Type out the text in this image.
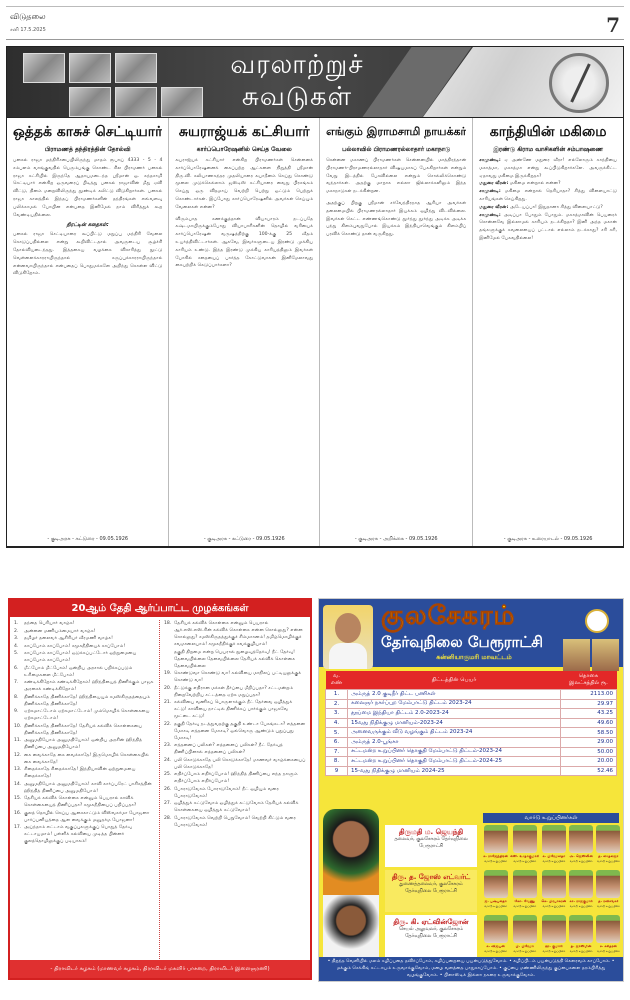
விடுதலை
சனி 17.5.2025	7
வரலாற்றுச்
சுவடுகள்
ஒத்தக் காசுச் செட்டியார்
பிராமணத் தந்திரத்தின் தோல்வி

பனகல் ராஜா மந்திரிசபையிலிருந்து மாதம் ரூபாய் 4333 - 5 - 4 சம்பளம் வாங்குவதில் பெரும்பங்கு கொண்ட சில பிராமணர் பனகல் ராஜா கட்சியில் இருந்தே ஆதாயமடைந்த ஸ்ரீமான் ஓ. கந்தசாமி செட்டியார் என்கிற ஒருவரைப் பிடித்து பனகல் ராஜாவின் மீது ஏவி விட்டு, தினம் மறைவிலிருந்து தூண்டிக் கலிட்டு விடுகிறார்கள். பனகல் ராஜா காலத்தில் இந்தப் பிராமணர்களின் தந்திரங்கள் எவ்வளவு பலிக்காமல் போயின என்பதை இனிமேல் நாம் விரித்துக் கூற வேண்டியதில்லை.

திரட்டின் கதைகள்:

பனகல் ராஜா செட்டியாரை கூப்பிட்டு மறுப்பு மந்திரி வேலை கொடுப்பதில்லை என்று கூறிவிட்டதால் அவருடைய சூழ்ச்சி தோல்வியடைந்தது. இத்தகைய வழக்கை விசாரித்து நூட்டு வெள்ளைக்காரராயிருந்தால் கருப்புக்காரராயிருந்தால் என்னவாயிருந்தால் என்பதைப் பொதுமக்களே அறிந்து கொள்ள விட்டு விடுகிறோம்.

- குடிஅரசு - கட்டுரை - 09.05.1926
சுயராஜ்யக் கட்சியார்
கார்ப்பொரேஷனில் செய்த வேலை

சுயராஜ்யக் கட்சியார் என்கிற பிராமணர்கள் சென்னைக் கார்ப்பொரேஷனைக் கைப்பற்ற ஆட்களை நிறுத்தி ஸ்ரீமான் திரு.வி. கலியாணசுந்தர முதலியாரை சுயாதீனம் செய்து கொண்டு மூலை முடுக்கெல்லாம் ஜஸ்டிஸ் கட்சியாரை வைது பிரசங்கம் செய்து ஒரு விதமாய் வெற்றி பெற்று ஓட்டும் பெற்றுக் கொண்டார்கள். இப்போது கார்ப்பொரேஷனில் அவர்கள் செய்யும் வேலைகள் என்ன?

விரும்பாத கணக்குத்தான் வியாபாரம் நடப்பதே கஷ்டமாயிருக்கும்போது வியாபாரிகளின் தொழில் வரியைக் கார்ப்பொரேஷன் வருஷத்திற்கு 100-க்கு 25 வீதம் உயர்த்திவிட்டார்கள். ஆகவே, இவர்களுடைய இரண்டு முக்கிய காரியம் உண்டு. இந்த இரண்டு முக்கிய காரியத்திலும் இவர்கள் போகில் சதையைப் பார்த்த கோட்டுவாகன் இனிமேலாவது கைபற்றிக் கெடுப்பார்களா?

- குடிஅரசு - கட்டுரை - 09.05.1926
எங்கும் இராமசாமி நாயக்கர்
பல்லாவில் பிராமணரல்லாதார் மகாநாடு

சென்னை மகாணப் பிராமணர்கள் சென்னையில் மாத்திரந்தான் பிராமணர்-பிராமணரல்லாதார் விஷயமாகப் பேசுகிறார்கள் என்றும் வேறு இடத்தில் பேசவில்லை என்றும் சொல்லிக்கொண்டு வந்தார்கள். அதற்கு மாறாக எல்லா ஜில்லாக்களிலும் இந்த மகாநாடுகள் நடக்கின்றன.

அதற்குப் பிறகு ஸ்ரீமான் சர்வேந்திரநாத ஆரியா அவர்கள் தலைமையில் பிராமணரல்லாதார் இயக்கம் ஒழிந்து விடவில்லை. இவர்கள் கெட்ட எண்ணங்கொண்டு தூர்ந்து தூர்ந்து அடிக்க அடிக்க பந்து கிளம்புவதுபோல் இயக்கம் இந்தியாவெங்கும் கிளம்பிப் பரவிக் கொண்டு தான் வருகிறது.

- குடிஅரசு - அறிக்கை - 09.05.1926
காந்தியின் மகிமை
இரண்டு கிராம வாசிகளின் சம்பாஷணை

சாமுண்டி: ஏ அண்ணே மதுரை வீரா! எல்லோரும் காந்தியை மகாத்மா, மகாத்மா என்று கூப்பிடுகிறார்களே. அவருக்கிட்ட ஏதாவது மகிமை இருக்கிறதா?

மதுரை வீரன்: மகிமை என்றால் என்ன?

சாமுண்டி: மகிமை என்றால் தெரியாதா? சித்து விளையாட்டு காரியங்கள் செய்கிறது.

மதுரை வீரன்: அடேயப்பா! இதுதானா சித்து விளையாட்டு?

சாமுண்டி: அடிப்பா போதும் போதும். மகாத்மாவின் பெயரைச் சொன்னவே இல்லாமல் காரியம் நடக்கிறதா? இனி அந்த மகான் தங்களுக்குக் கவலையைப் பட்டால் எல்லாம் நடக்காது? சரி சரி, இனிமேல் பேசுவதில்லை!

- குடிஅரசு - உரையாடல் - 09.05.1926
20ஆம் தேதி ஆர்ப்பாட்ட முழக்கங்கள்
1.	தந்தை பெரியார் வாழ்க!
2.	அன்னை மணியம்மையார் வாழ்க!
3.	தமிழர் தலைவர் ஆசிரியர் வீரமணி வாழ்க!
4.	காப்போம் காப்போம்! சமூகநீதியைக் காப்போம்!
5.	காப்போம் காப்போம்! ஒடுக்கப்பட்டோர் ஒற்றுமையை காப்போம் காப்போம்!
6.	மீட்போம் மீட்போம்! ஒன்றிய அரசால் பறிக்கப்படும் உரிமைகளை மீட்போம்!
7.	கண்டிக்கிறோம் கண்டிக்கிறோம்! ஹிந்தியைத் திணிக்கும் பாஜக அரசைக் கண்டிக்கிறோம்!
8.	திணிக்காதே திணிக்காதே! ஹிந்தியையும் சமஸ்கிருதத்தையும் திணிக்காதே திணிக்காதே!
9.	ஏற்கமாட்டோம் ஏற்கமாட்டோம்! மும்மொழிக் கொள்கையை ஏற்கமாட்டோம்!
10. திணிக்காதே திணிக்காதே! தேசியக் கல்விக் கொள்கையை திணிக்காதே திணிக்காதே!
11. அனுமதியோம் அனுமதியோம்! ஒன்றிய அரசின் ஹிந்தித் திணிப்பை அனுமதியோம்!
12. கை வைக்காதே கை வைக்காதே! இருமொழிக் கொள்கையில் கை வைக்காதே!
13. சிதைக்காதே சிதைக்காதே! இந்தியாவின் ஒற்றுமையை சிதைக்காதே!
14. அனுமதியோம் அனுமதியோம்! காவி கார்ப்பரேட் பாசிசத்தின் ஹிந்தித் திணிப்பை அனுமதியோம்!
15. தேசியக் கல்விக் கொள்கை என்னும் பெயரால் காவிக் கொள்கையைத் திணிப்பதா? சமூகநீதியைப் பறிப்பதா?
16. குலத் தொழில் செய்ய ஆசைகாட்டும் விஸ்வகர்மா யோஜனா பார்ப்பனியத்தை ஆள வைக்கும் மனுதர்ம யோஜனா!
17. அய்ந்தாம் எட்டாம் வகுப்புகளுக்குப் பொதுத் தேர்வு கட்டாயமாம்! பள்ளிக் கல்வியை முடித்த பின்னர் குலத்தொழிலுக்குப் படியாகம்!
18. தேசியக் கல்விக் கொள்கை என்னும் பெயரால் ஆர்.எஸ்.எஸ்.சின் கல்விக் கொள்கை என்ன சொல்லுது? என்ன சொல்லுது? சமஸ்கிருதத்துக்குச் சிம்மாசனம்! தமிழ்மொழிக்குச் சவமாலையாம்! சமூகநீதிக்குச் சவக்குழியாம்!
தகுதி திறமை என்ற பெயரால் நுழைவுத்தேர்வு! நீட் தேர்வு! தேவையில்லை தேவையில்லை தேசியக் கல்விக் கொள்கை தேவையில்லை
19. கொண்டுவா கொண்டு வா! கல்வியை மாநிலப் பட்டியலுக்குக் கொண்டு வா!
20. தீட்டுக்கு எதிரான மக்கள் தீர்ப்பை மீறிப்பதா? சட்டமன்றம் நிறைவேற்றிய சட்டத்தை ஏற்க மறுப்பதா?
21. கல்வியை வணிகப் பொருளாக்கும் நீட் தேர்வை ஒழித்துக் கட்டு! காவியை நாட்டில் திணிக்கப் பார்க்கும் பாஜகவே மூட்டை கட்டு!
22. தகுதி தேர்வு நடத்துவதற்கு தகுதி உண்டா பேசுங்கடா? எத்தனை மோசடி எத்தனை மோசடி? ஒவ்வொரு ஆண்டும் புதுப்புது மோசடி!
23. எத்தனைப் பலிகள்? எத்தனைப் பலிகள்? நீட் தேர்வுத் திணிப்பினால் எத்தனைப் பலிகள்?
24. பலி கொடுக்காதே பலி கொடுக்காதே! மாணவர் வாழ்க்கையைப் பலி கொடுக்காதே!
25. எதிர்ப்போம் எதிர்ப்போம்! ஹிந்தித் திணிப்பை எந்த நாளும் எதிர்ப்போம் எதிர்ப்போம்!
26. போராடுவோம் போராடுவோம்! நீட் ஒழியும் வரை போராடுவோம்!
27. ஒழித்துக் கட்டுவோம் ஒழித்துக் கட்டுவோம் தேசியக் கல்விக் கொள்கையை ஒழித்துக் கட்டுவோம்!
28. போராடுவோம் வெற்றி பெறுவோம்! வெற்றி கிட்டும் வரை போராடுவோம்!
- திராவிடர் கழகம் (மாணவர் கழகம், திராவிடர் மகளிர் பாசறை, திராவிடர் இளைஞரணி)
குலசேகரம்
தேர்வுநிலை பேரூராட்சி
கன்னியாகுமரி மாவட்டம்
வ. எண்	திட்டத்தின் பெயர்	தொகை இலட்சத்தில் ரூ.
1.	அம்ருத் 2.0 குடிநீர் திட்ட பணிகள்	2113.00
2.	கலைஞர் நகர்ப்புற மேம்பாட்டு திட்டம் 2023-24	29.97
3.	தூய்மை இந்தியா திட்டம் 2.0-2023-24	43.25
4.	15வது நிதிக்குழு மானியம்-2023-24	49.60
5.	அனைவருக்கும் வீடு வழங்கும் திட்டம் 2023-24	58.50
6.	அம்ருத் 2.0-பூங்கா	29.00
7.	சட்டமன்ற உறுப்பினர் தொகுதி மேம்பாட்டு திட்டம்-2023-24	50.00
8.	சட்டமன்ற உறுப்பினர் தொகுதி மேம்பாட்டு திட்டம்-2024-25	20.00
9	15-வது நிதிக்குழு மானியம் 2024-25	52.46
திருமதி ம. ஜெயந்தி
தலைவர், குலசேகரம் தேர்வுநிலை பேரூராட்சி
திரு. த. ஜோஸ் எட்வர்ட்
துணைத்தலைவர், குலசேகரம் தேர்வுநிலை பேரூராட்சி
திரு. கி. ஏட்வின்ஜோன்
செயல் அலுவலர், குலசேகரம் தேர்வுநிலை பேரூராட்சி
வார்டு உறுப்பினர்கள்
க. ராஜேந்திரன்
வார்டு உறுப்பினர்
எஸ். உஷாகுமாரி
வார்டு உறுப்பினர்
க. பிரேமலதா
வார்டு உறுப்பினர்
அ. ஜெஸ்லின்
வார்டு உறுப்பினர்
த. ஷைலஜா
வார்டு உறுப்பினர்
ஜ. புஷ்பலதா
வார்டு உறுப்பினர்
கோ. வேணு
வார்டு உறுப்பினர்
கெ. பிரபாகரன்
வார்டு உறுப்பினர்
கா. ராஜகுமார்
வார்டு உறுப்பினர்
த. ரவிசங்கர்
வார்டு உறுப்பினர்
க. விஜயன்
வார்டு உறுப்பினர்
பி. பிரேமா
வார்டு உறுப்பினர்
ஹ. குமாரி
வார்டு உறுப்பினர்
த. ஜாஸ்மின்
வார்டு உறுப்பினர்
ச. சசிதரன்
வார்டு உறுப்பினர்
• திறந்த வெளியில் மலம் கழிப்பதை தவிர்ப்போம், கழிப்பறையை பயன்படுத்துவோம். • கழிப்பிடம் பயன்படுத்தி கௌரவம் காப்போம். • மக்கும் செக்கிங் கட்டாயம் உருவாக்குவோம், மழை வளத்தை பாதுகாப்போம். • குப்பை மண்ணிலிருந்து குப்பைகளை தரம்பிரித்து வழங்குவோம். • பிளாஸ்டிக் இல்லா நகரை உருவாக்குவோம்.
